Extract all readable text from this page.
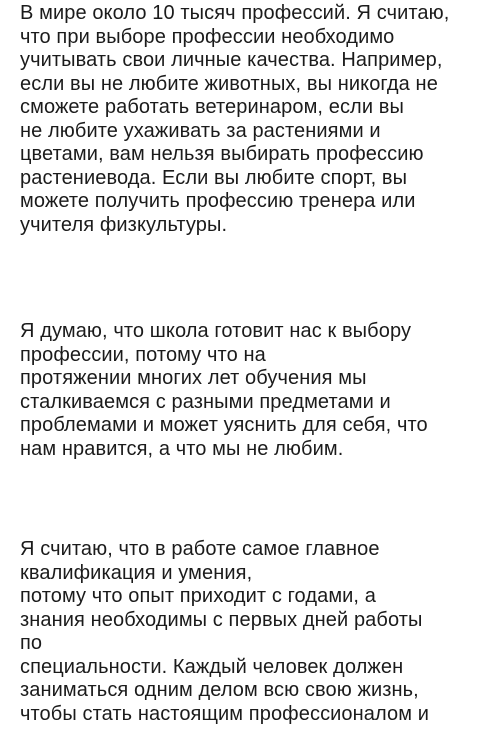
В мире около 10 тысяч профессий. Я считаю,
что при выборе профессии необходимо
учитывать свои личные качества. Например,
если вы не любите животных, вы никогда не
сможете работать ветеринаром, если вы
не любите ухаживать за растениями и
цветами, вам нельзя выбирать профессию
растениевода. Если вы любите спорт, вы
можете получить профессию тренера или
учителя физкультуры.

Я думаю, что школа готовит нас к выбору
профессии, потому что на
протяжении многих лет обучения мы
сталкиваемся с разными предметами и
проблемами и может уяснить для себя, что
нам нравится, а что мы не любим.

Я считаю, что в работе самое главное
квалификация и умения,
потому что опыт приходит с годами, а
знания необходимы с первых дней работы
по
специальности. Каждый человек должен
заниматься одним делом всю свою жизнь,
чтобы стать настоящим профессионалом и
